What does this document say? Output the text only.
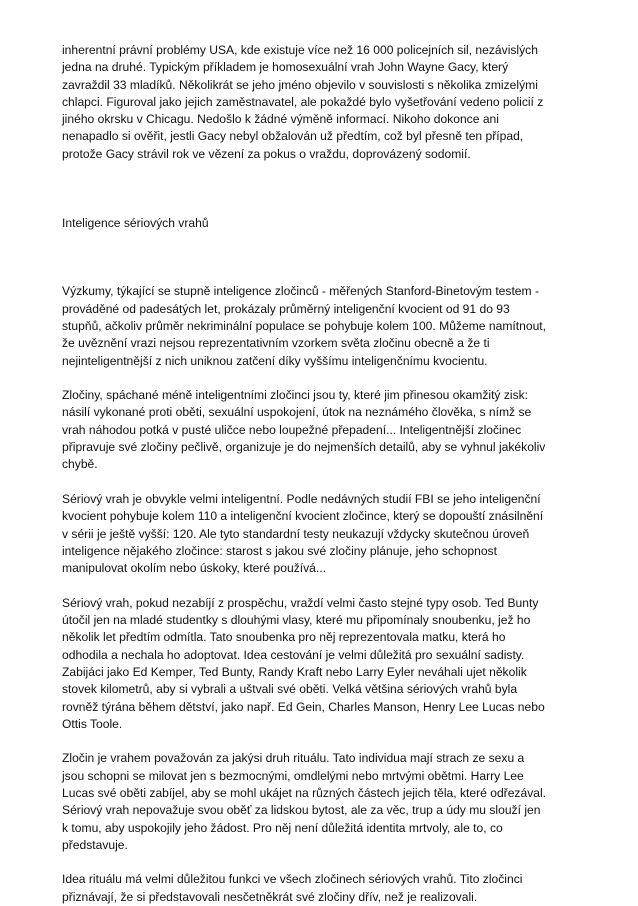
inherentní právní problémy USA, kde existuje více než 16 000 policejních sil, nezávislých
jedna na druhé. Typickým příkladem je homosexuální vrah John Wayne Gacy, který
zavraždil 33 mladíků. Několikrát se jeho jméno objevilo v souvislosti s několika zmizelými
chlapci. Figuroval jako jejich zaměstnavatel, ale pokaždé bylo vyšetřování vedeno policií z
jiného okrsku v Chicagu. Nedošlo k žádné výměně informací. Nikoho dokonce ani
nenapadlo si ověřit, jestli Gacy nebyl obžalován už předtím, což byl přesně ten případ,
protože Gacy strávil rok ve vězení za pokus o vraždu, doprovázený sodomií.
Inteligence sériových vrahů
Výzkumy, týkající se stupně inteligence zločinců - měřených Stanford-Binetovým testem -
prováděné od padesátých let, prokázaly průměrný inteligenční kvocient od 91 do 93
stupňů, ačkoliv průměr nekriminální populace se pohybuje kolem 100. Můžeme namítnout,
že uvěznění vrazi nejsou reprezentativním vzorkem světa zločinu obecně a že ti
nejinteligentnější z nich uniknou zatčení díky vyššímu inteligenčnímu kvocientu.
Zločiny, spáchané méně inteligentními zločinci jsou ty, které jim přinesou okamžitý zisk:
násilí vykonané proti oběti, sexuální uspokojení, útok na neznámého člověka, s nímž se
vrah náhodou potká v pusté uličce nebo loupežné přepadení... Inteligentnější zločinec
připravuje své zločiny pečlivě, organizuje je do nejmenších detailů, aby se vyhnul jakékoliv
chybě.
Sériový vrah je obvykle velmi inteligentní. Podle nedávných studií FBI se jeho inteligenční
kvocient pohybuje kolem 110 a inteligenční kvocient zločince, který se dopouští znásilnění
v sérii je ještě vyšší: 120. Ale tyto standardní testy neukazují vždycky skutečnou úroveň
inteligence nějakého zločince: starost s jakou své zločiny plánuje, jeho schopnost
manipulovat okolím nebo úskoky, které používá...
Sériový vrah, pokud nezabíjí z prospěchu, vraždí velmi často stejné typy osob. Ted Bunty
útočil jen na mladé studentky s dlouhými vlasy, které mu připomínaly snoubenku, jež ho
několik let předtím odmítla. Tato snoubenka pro něj reprezentovala matku, která ho
odhodila a nechala ho adoptovat. Idea cestování je velmi důležitá pro sexuální sadisty.
Zabijáci jako Ed Kemper, Ted Bunty, Randy Kraft nebo Larry Eyler neváhali ujet několik
stovek kilometrů, aby si vybrali a uštvali své oběti. Velká většina sériových vrahů byla
rovněž týrána během dětství, jako např. Ed Gein, Charles Manson, Henry Lee Lucas nebo
Ottis Toole.
Zločin je vrahem považován za jakýsi druh rituálu. Tato individua mají strach ze sexu a
jsou schopni se milovat jen s bezmocnými, omdlelými nebo mrtvými obětmi. Harry Lee
Lucas své oběti zabíjel, aby se mohl ukájet na různých částech jejich těla, které odřezával.
Sériový vrah nepovažuje svou oběť za lidskou bytost, ale za věc, trup a údy mu slouží jen
k tomu, aby uspokojily jeho žádost. Pro něj není důležitá identita mrtvoly, ale to, co
představuje.
Idea rituálu má velmi důležitou funkci ve všech zločinech sériových vrahů. Tito zločinci
přiznávají, že si představovali nesčetněkrát své zločiny dřív, než je realizovali.
